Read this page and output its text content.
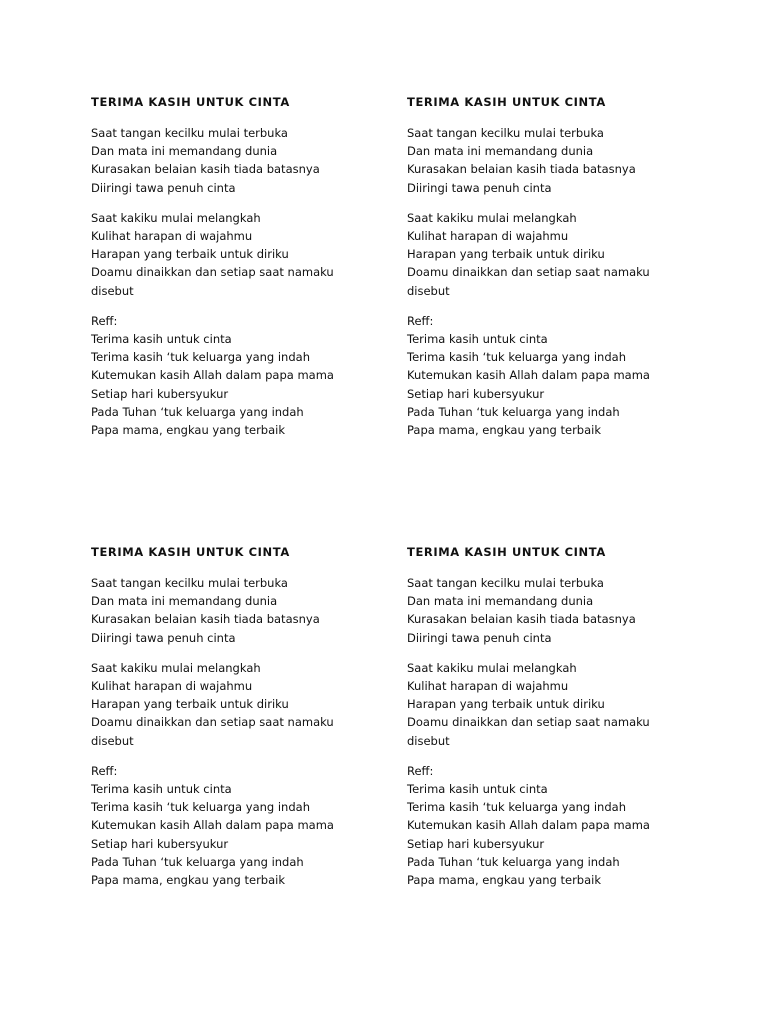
TERIMA KASIH UNTUK CINTA
Saat tangan kecilku mulai terbuka
Dan mata ini memandang dunia
Kurasakan belaian kasih tiada batasnya
Diiringi tawa penuh cinta
Saat kakiku mulai melangkah
Kulihat harapan di wajahmu
Harapan yang terbaik untuk diriku
Doamu dinaikkan dan setiap saat namaku
disebut
Reff:
Terima kasih untuk cinta
Terima kasih ‘tuk keluarga yang indah
Kutemukan kasih Allah dalam papa mama
Setiap hari kubersyukur
Pada Tuhan ‘tuk keluarga yang indah
Papa mama, engkau yang terbaik
TERIMA KASIH UNTUK CINTA
Saat tangan kecilku mulai terbuka
Dan mata ini memandang dunia
Kurasakan belaian kasih tiada batasnya
Diiringi tawa penuh cinta
Saat kakiku mulai melangkah
Kulihat harapan di wajahmu
Harapan yang terbaik untuk diriku
Doamu dinaikkan dan setiap saat namaku
disebut
Reff:
Terima kasih untuk cinta
Terima kasih ‘tuk keluarga yang indah
Kutemukan kasih Allah dalam papa mama
Setiap hari kubersyukur
Pada Tuhan ‘tuk keluarga yang indah
Papa mama, engkau yang terbaik
TERIMA KASIH UNTUK CINTA
Saat tangan kecilku mulai terbuka
Dan mata ini memandang dunia
Kurasakan belaian kasih tiada batasnya
Diiringi tawa penuh cinta
Saat kakiku mulai melangkah
Kulihat harapan di wajahmu
Harapan yang terbaik untuk diriku
Doamu dinaikkan dan setiap saat namaku
disebut
Reff:
Terima kasih untuk cinta
Terima kasih ‘tuk keluarga yang indah
Kutemukan kasih Allah dalam papa mama
Setiap hari kubersyukur
Pada Tuhan ‘tuk keluarga yang indah
Papa mama, engkau yang terbaik
TERIMA KASIH UNTUK CINTA
Saat tangan kecilku mulai terbuka
Dan mata ini memandang dunia
Kurasakan belaian kasih tiada batasnya
Diiringi tawa penuh cinta
Saat kakiku mulai melangkah
Kulihat harapan di wajahmu
Harapan yang terbaik untuk diriku
Doamu dinaikkan dan setiap saat namaku
disebut
Reff:
Terima kasih untuk cinta
Terima kasih ‘tuk keluarga yang indah
Kutemukan kasih Allah dalam papa mama
Setiap hari kubersyukur
Pada Tuhan ‘tuk keluarga yang indah
Papa mama, engkau yang terbaik
